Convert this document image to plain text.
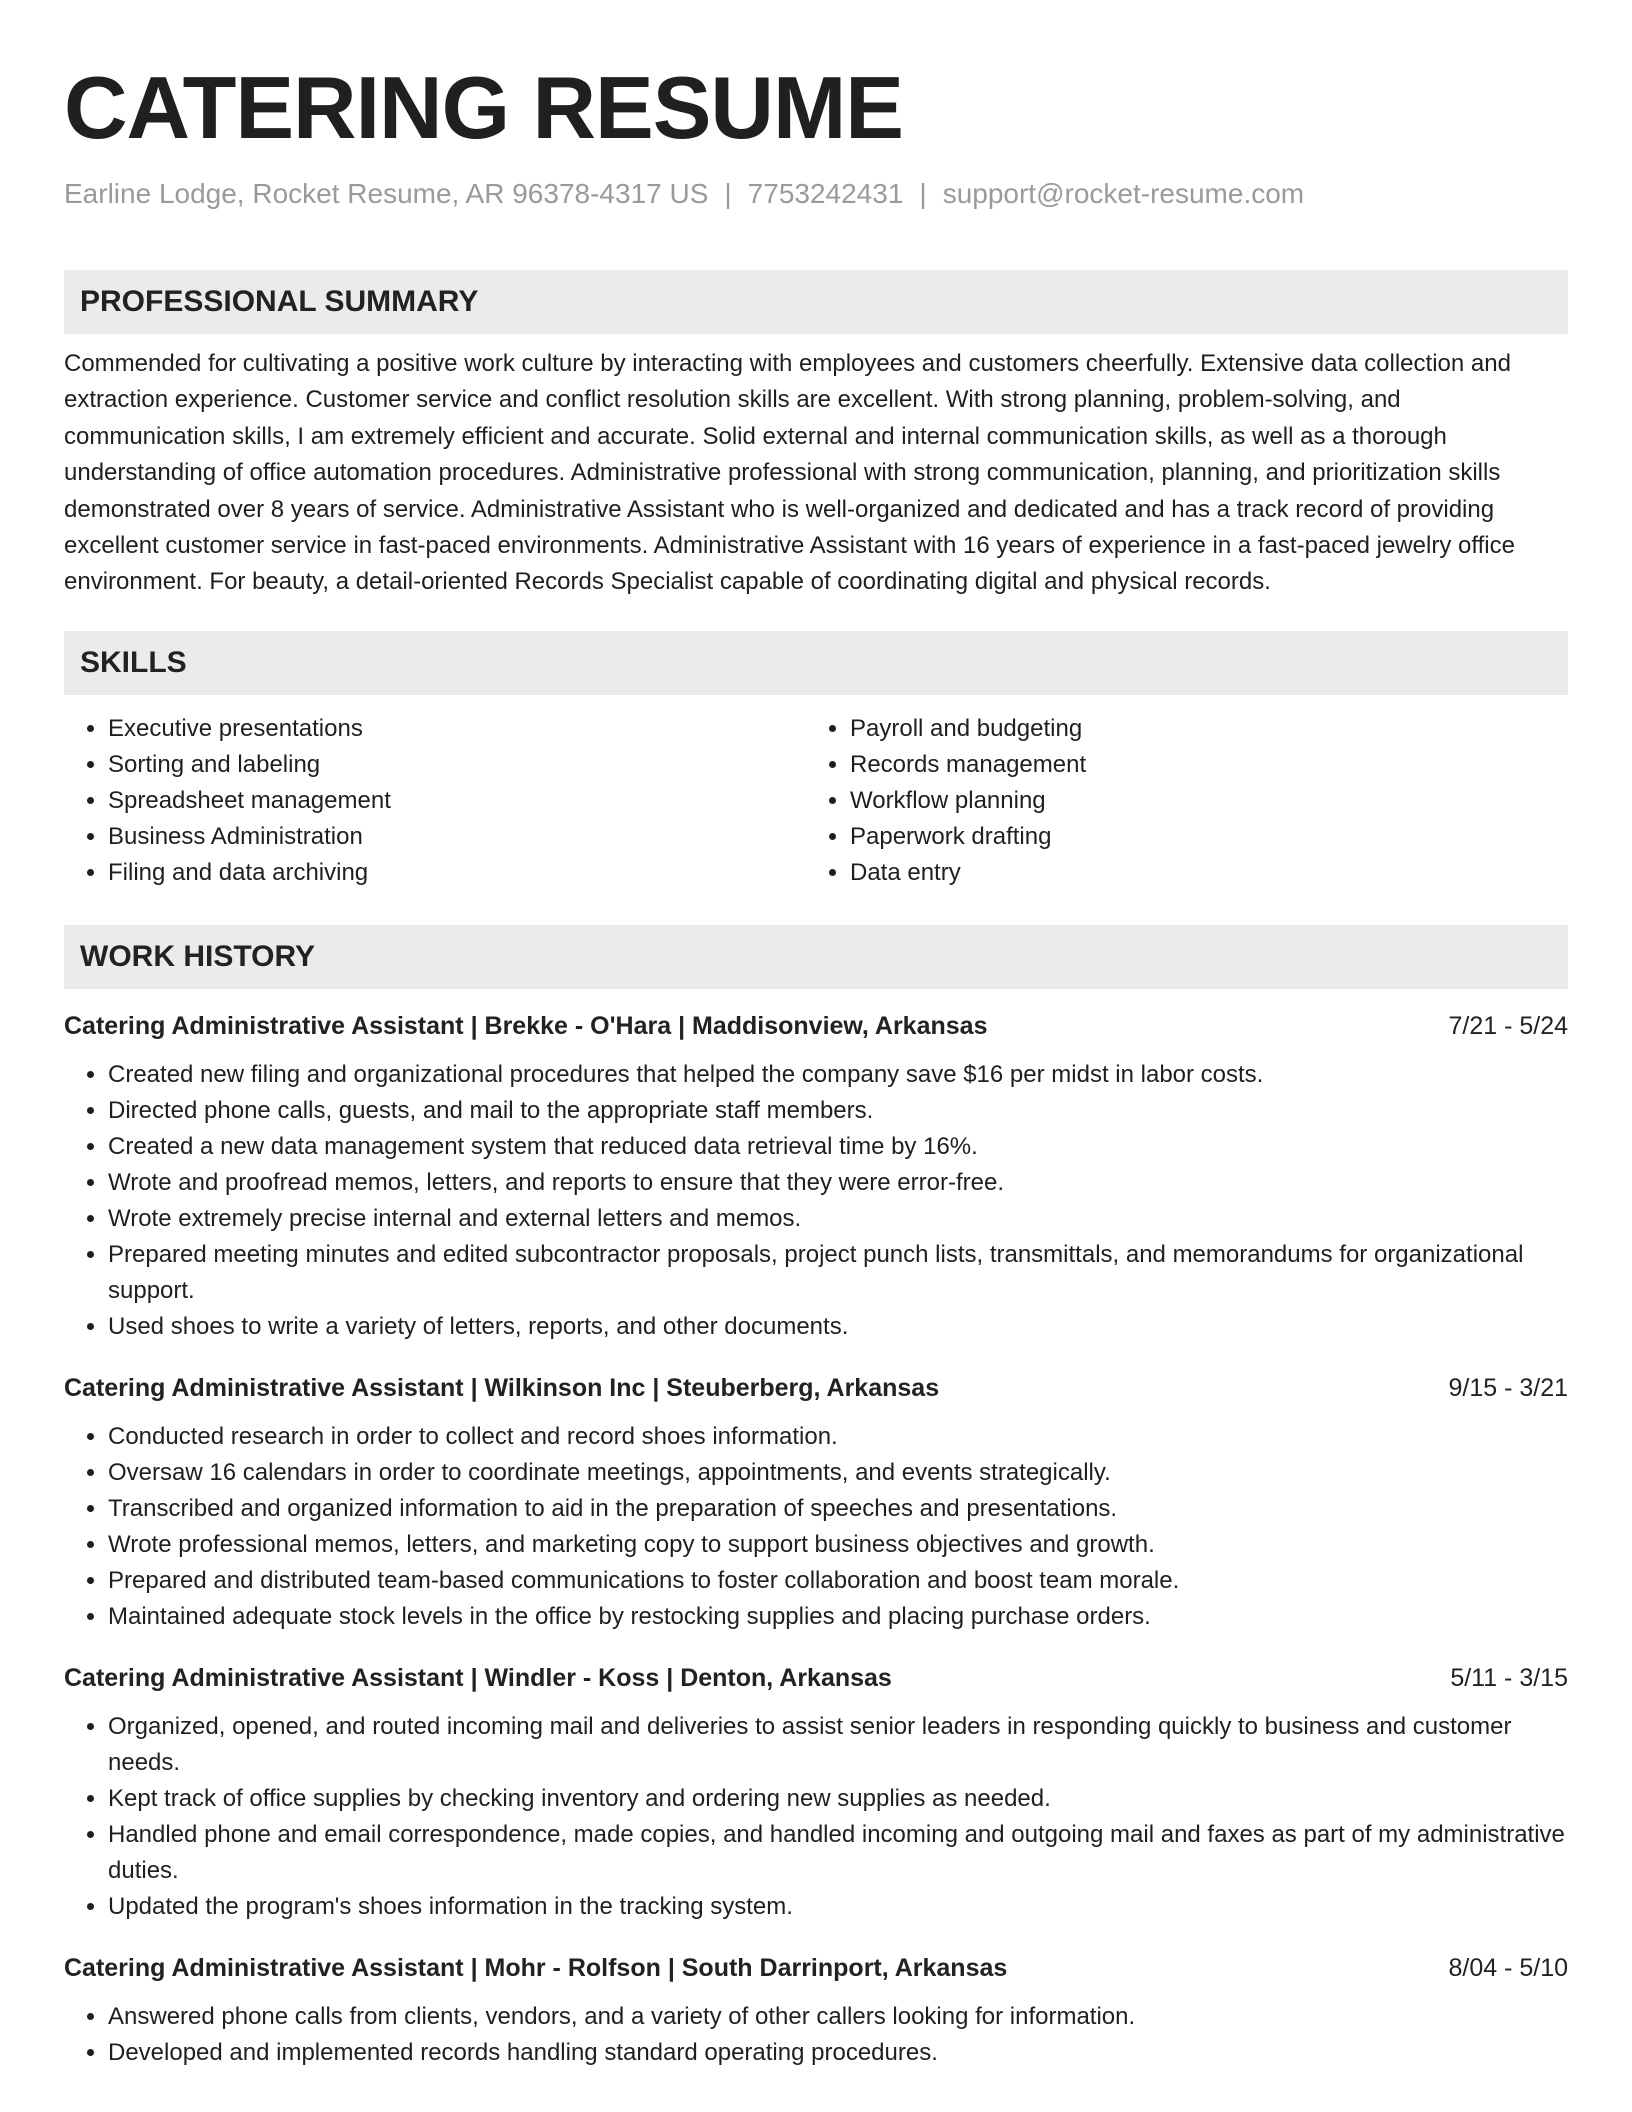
CATERING RESUME
Earline Lodge, Rocket Resume, AR 96378-4317 US | 7753242431 | support@rocket-resume.com
PROFESSIONAL SUMMARY

Commended for cultivating a positive work culture by interacting with employees and customers cheerfully. Extensive data collection and extraction experience. Customer service and conflict resolution skills are excellent. With strong planning, problem-solving, and communication skills, I am extremely efficient and accurate. Solid external and internal communication skills, as well as a thorough understanding of office automation procedures. Administrative professional with strong communication, planning, and prioritization skills demonstrated over 8 years of service. Administrative Assistant who is well-organized and dedicated and has a track record of providing excellent customer service in fast-paced environments. Administrative Assistant with 16 years of experience in a fast-paced jewelry office environment. For beauty, a detail-oriented Records Specialist capable of coordinating digital and physical records.

SKILLS
• Executive presentations
• Sorting and labeling
• Spreadsheet management
• Business Administration
• Filing and data archiving
• Payroll and budgeting
• Records management
• Workflow planning
• Paperwork drafting
• Data entry
WORK HISTORY
Catering Administrative Assistant | Brekke - O'Hara | Maddisonview, Arkansas	7/21 - 5/24
• Created new filing and organizational procedures that helped the company save $16 per midst in labor costs.
• Directed phone calls, guests, and mail to the appropriate staff members.
• Created a new data management system that reduced data retrieval time by 16%.
• Wrote and proofread memos, letters, and reports to ensure that they were error-free.
• Wrote extremely precise internal and external letters and memos.
• Prepared meeting minutes and edited subcontractor proposals, project punch lists, transmittals, and memorandums for organizational support.
• Used shoes to write a variety of letters, reports, and other documents.
Catering Administrative Assistant | Wilkinson Inc | Steuberberg, Arkansas	9/15 - 3/21
• Conducted research in order to collect and record shoes information.
• Oversaw 16 calendars in order to coordinate meetings, appointments, and events strategically.
• Transcribed and organized information to aid in the preparation of speeches and presentations.
• Wrote professional memos, letters, and marketing copy to support business objectives and growth.
• Prepared and distributed team-based communications to foster collaboration and boost team morale.
• Maintained adequate stock levels in the office by restocking supplies and placing purchase orders.
Catering Administrative Assistant | Windler - Koss | Denton, Arkansas	5/11 - 3/15
• Organized, opened, and routed incoming mail and deliveries to assist senior leaders in responding quickly to business and customer needs.
• Kept track of office supplies by checking inventory and ordering new supplies as needed.
• Handled phone and email correspondence, made copies, and handled incoming and outgoing mail and faxes as part of my administrative duties.
• Updated the program's shoes information in the tracking system.
Catering Administrative Assistant | Mohr - Rolfson | South Darrinport, Arkansas	8/04 - 5/10
• Answered phone calls from clients, vendors, and a variety of other callers looking for information.
• Developed and implemented records handling standard operating procedures.
